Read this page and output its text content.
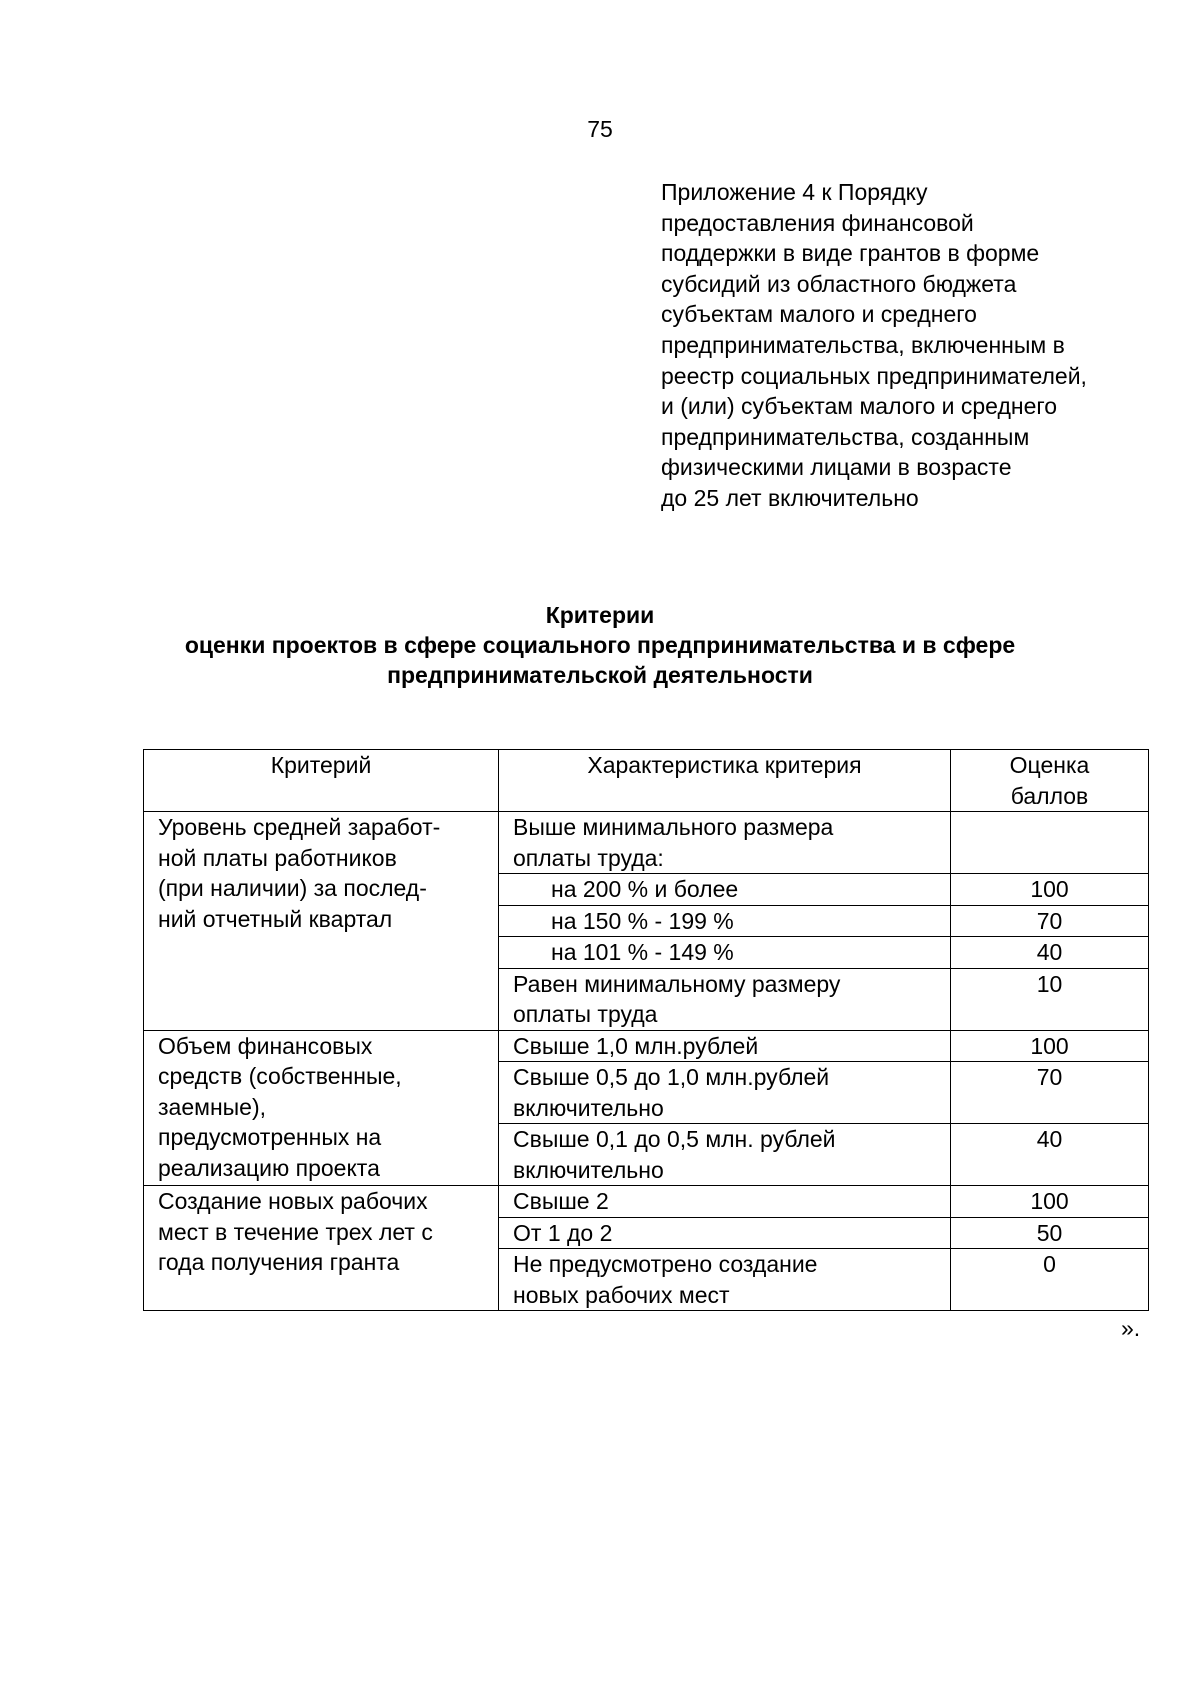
75
Приложение 4 к Порядку
предоставления финансовой
поддержки в виде грантов в форме
субсидий из областного бюджета
субъектам малого и среднего
предпринимательства, включенным в
реестр социальных предпринимателей,
и (или) субъектам малого и среднего
предпринимательства, созданным
физическими лицами в возрасте
до 25 лет включительно
Критерии
оценки проектов в сфере социального предпринимательства и в сфере
предпринимательской деятельности
Критерий	Характеристика критерия	Оценка
баллов

Уровень средней заработ-
ной платы работников
(при наличии) за послед-
ний отчетный квартал	Выше минимального размера
оплаты труда:	

	на 200 % и более	100

	на 150 % - 199 %	70

	на 101 % - 149 %	40

	Равен минимальному размеру
оплаты труда	10

Объем финансовых
средств (собственные,
заемные),
предусмотренных на
реализацию проекта	Свыше 1,0 млн.рублей	100

	Свыше 0,5 до 1,0 млн.рублей
включительно	70

	Свыше 0,1 до 0,5 млн. рублей
включительно	40

Создание новых рабочих
мест в течение трех лет с
года получения гранта	Свыше 2	100

	От 1 до 2	50

	Не предусмотрено создание
новых рабочих мест	0
».
